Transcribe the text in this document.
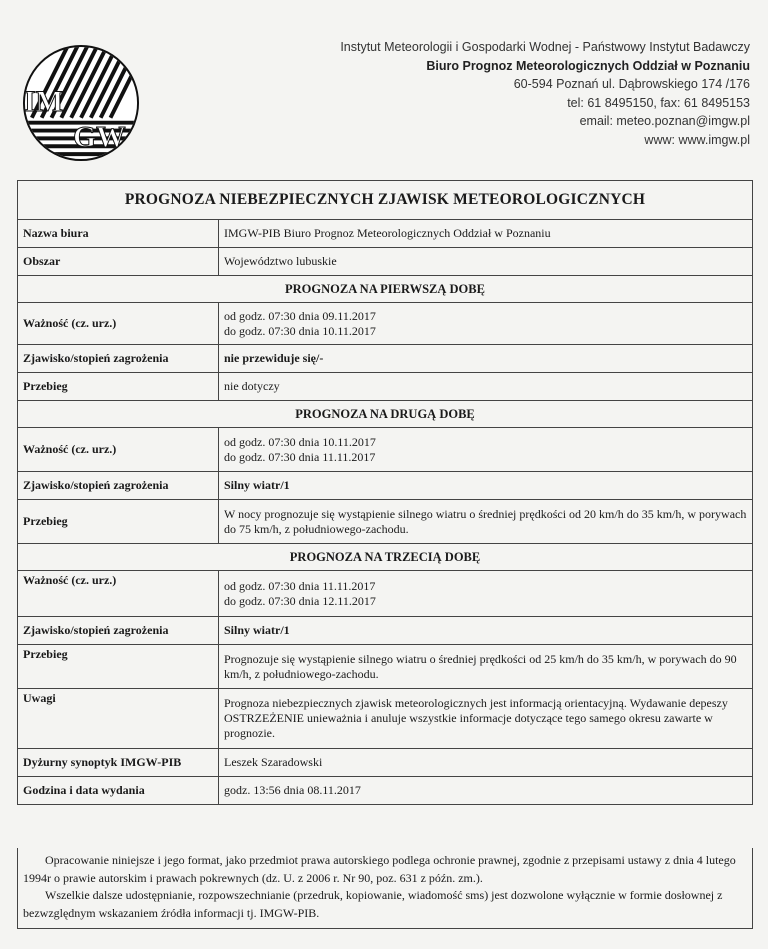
IM
GW
Instytut Meteorologii i Gospodarki Wodnej - Państwowy Instytut Badawczy
Biuro Prognoz Meteorologicznych Oddział w Poznaniu
60-594 Poznań ul. Dąbrowskiego 174 /176
tel: 61 8495150, fax: 61 8495153
email: meteo.poznan@imgw.pl
www: www.imgw.pl
PROGNOZA NIEBEZPIECZNYCH ZJAWISK METEOROLOGICZNYCH	
Nazwa biura	IMGW-PIB Biuro Prognoz Meteorologicznych Oddział w Poznaniu
Obszar	Województwo lubuskie
PROGNOZA NA PIERWSZĄ DOBĘ	
Ważność (cz. urz.)	od godz. 07:30 dnia 09.11.2017
do godz. 07:30 dnia 10.11.2017

Zjawisko/stopień zagrożenia	nie przewiduje się/-
Przebieg	nie dotyczy
PROGNOZA NA DRUGĄ DOBĘ	
Ważność (cz. urz.)	od godz. 07:30 dnia 10.11.2017
do godz. 07:30 dnia 11.11.2017

Zjawisko/stopień zagrożenia	Silny wiatr/1
Przebieg	W nocy prognozuje się wystąpienie silnego wiatru o średniej prędkości od 20 km/h do 35 km/h, w porywach do 75 km/h, z południowego-zachodu.
PROGNOZA NA TRZECIĄ DOBĘ	
Ważność (cz. urz.)	od godz. 07:30 dnia 11.11.2017
do godz. 07:30 dnia 12.11.2017

Zjawisko/stopień zagrożenia	Silny wiatr/1
Przebieg	Prognozuje się wystąpienie silnego wiatru o średniej prędkości od 25 km/h do 35 km/h, w porywach do 90 km/h, z południowego-zachodu.
Uwagi	Prognoza niebezpiecznych zjawisk meteorologicznych jest informacją orientacyjną. Wydawanie depeszy OSTRZEŻENIE unieważnia i anuluje wszystkie informacje dotyczące tego samego okresu zawarte w prognozie.
Dyżurny synoptyk IMGW-PIB	Leszek Szaradowski
Godzina i data wydania	godz. 13:56 dnia 08.11.2017

Opracowanie niniejsze i jego format, jako przedmiot prawa autorskiego podlega ochronie prawnej, zgodnie z przepisami ustawy z dnia 4 lutego 1994r o prawie autorskim i prawach pokrewnych (dz. U. z 2006 r. Nr 90, poz. 631 z późn. zm.).

Wszelkie dalsze udostępnianie, rozpowszechnianie (przedruk, kopiowanie, wiadomość sms) jest dozwolone wyłącznie w formie dosłownej z bezwzględnym wskazaniem źródła informacji tj. IMGW-PIB.
